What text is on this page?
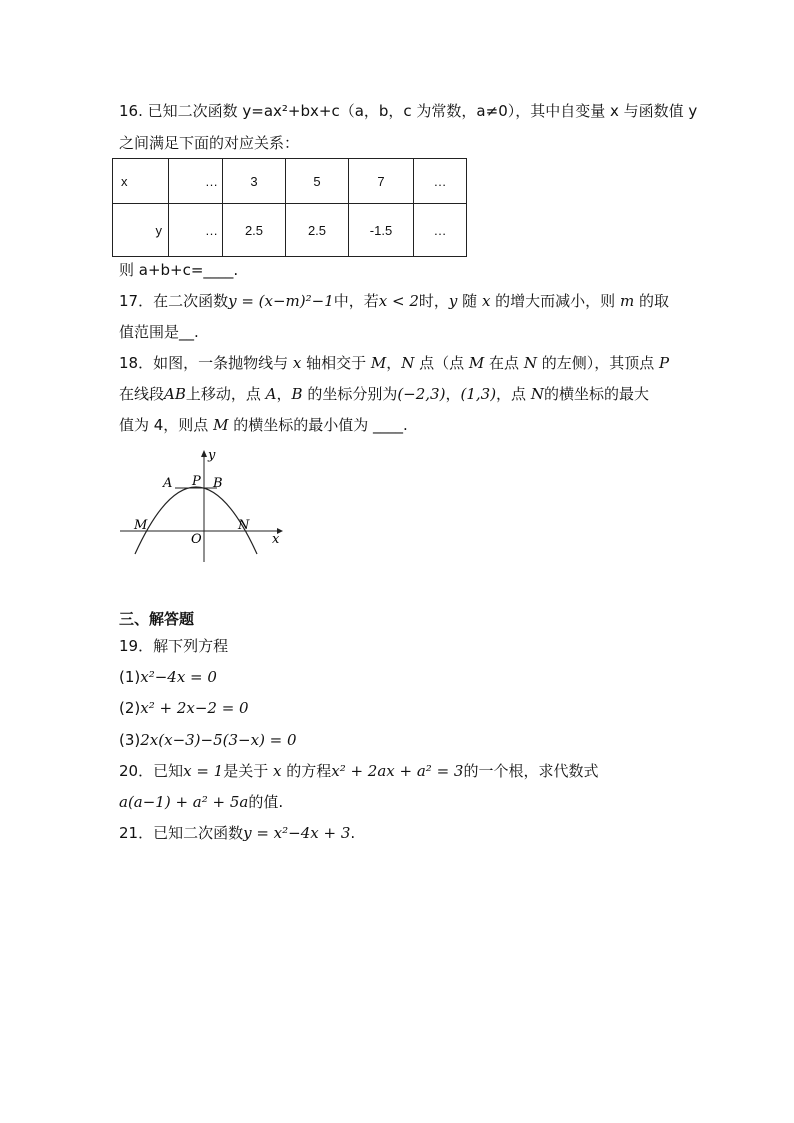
16. 已知二次函数 y=ax²+bx+c（a，b，c 为常数，a≠0），其中自变量 x 与函数值 y
之间满足下面的对应关系：
x	…	3	5	7	…
y	…	2.5	2.5	-1.5	…
则 a+b+c=____.
17．在二次函数y = (x−m)²−1中，若x < 2时，y 随 x 的增大而减小，则 m 的取
值范围是__.
18．如图，一条抛物线与 x 轴相交于 M，N 点（点 M 在点 N 的左侧），其顶点 P
在线段AB上移动，点 A，B 的坐标分别为(−2,3)，(1,3)，点 N的横坐标的最大
值为 4，则点 M 的横坐标的最小值为 ____.
y
x
O
A P B
M	N
三、解答题
19．解下列方程
(1)x²−4x = 0
(2)x² + 2x−2 = 0
(3)2x(x−3)−5(3−x) = 0
20．已知x = 1是关于 x 的方程x² + 2ax + a² = 3的一个根，求代数式
a(a−1) + a² + 5a的值.
21．已知二次函数y = x²−4x + 3.
